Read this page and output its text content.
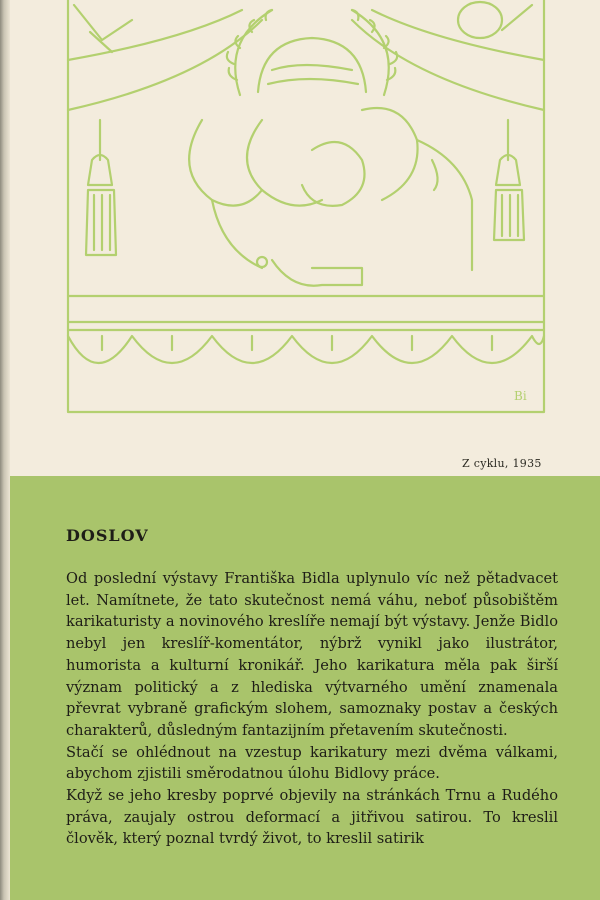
Bi
Z cyklu, 1935
DOSLOV

Od poslední výstavy Františka Bidla uplynulo víc než pětadvacet let. Namítnete, že tato skutečnost nemá váhu, neboť působištěm karikaturisty a novinového kreslíře nemají být výstavy. Jenže Bidlo nebyl jen kreslíř-komentátor, nýbrž vynikl jako ilustrátor, humorista a kulturní kronikář. Jeho karikatura měla pak širší význam politický a z hlediska výtvarného umění znamenala převrat vybraně grafickým slohem, samoznaky postav a českých charakterů, důsledným fantazijním přetavením skutečnosti.

Stačí se ohlédnout na vzestup karikatury mezi dvěma válkami, abychom zjistili směrodatnou úlohu Bidlovy práce.

Když se jeho kresby poprvé objevily na stránkách Trnu a Rudého práva, zaujaly ostrou deformací a jitřivou satirou. To kreslil člověk, který poznal tvrdý život, to kreslil satirik
